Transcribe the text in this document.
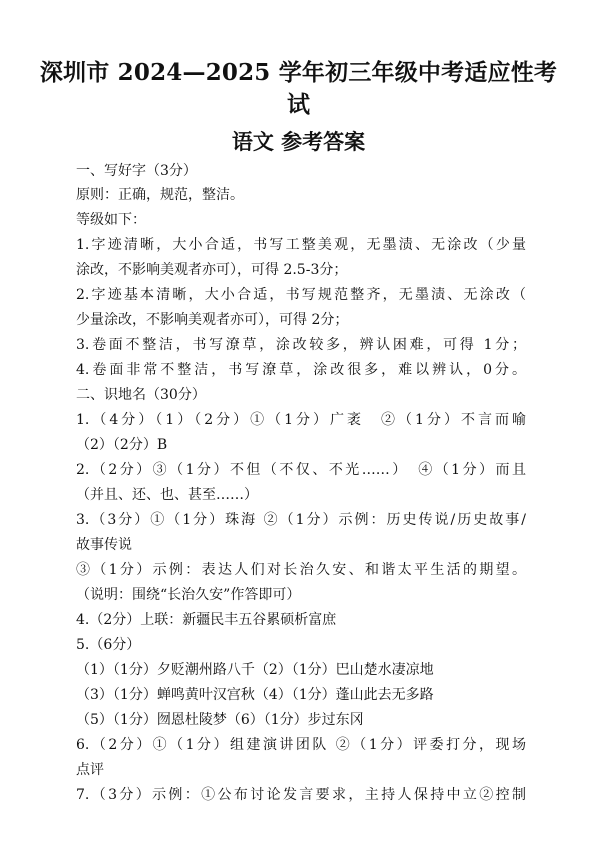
深圳市 2024—2025 学年初三年级中考适应性考
试
语文 参考答案
一、写好字（3分）
原则：正确，规范，整洁。
等级如下：
1.字迹清晰，大小合适，书写工整美观，无墨渍、无涂改（少量
涂改，不影响美观者亦可），可得 2.5-3分；
2.字迹基本清晰，大小合适，书写规范整齐，无墨渍、无涂改（
少量涂改，不影响美观者亦可），可得 2分；
3.卷面不整洁，书写潦草，涂改较多，辨认困难，可得 1分；
4.卷面非常不整洁，书写潦草，涂改很多，难以辨认，0分。
二、识地名（30分）
1.（4分）（1）（2分）①（1分）广袤　②（1分）不言而喻
（2）（2分）B
2.（2分）③（1分）不但（不仅、不光……）　④（1分）而且
（并且、还、也、甚至……）
3.（3分）①（1分）珠海 ②（1分）示例：历史传说/历史故事/
故事传说
③（1分）示例：表达人们对长治久安、和谐太平生活的期望。
（说明：围绕“长治久安”作答即可）
4.（2分）上联：新疆民丰五谷累硕析富庶
5.（6分）
（1）（1分）夕贬潮州路八千（2）（1分）巴山楚水凄凉地
（3）（1分）蝉鸣黄叶汉宫秋（4）（1分）蓬山此去无多路
（5）（1分）囫恩杜陵梦（6）（1分）步过东冈
6.（2分）①（1分）组建演讲团队 ②（1分）评委打分，现场
点评
7.（3分）示例：①公布讨论发言要求，主持人保持中立②控制
